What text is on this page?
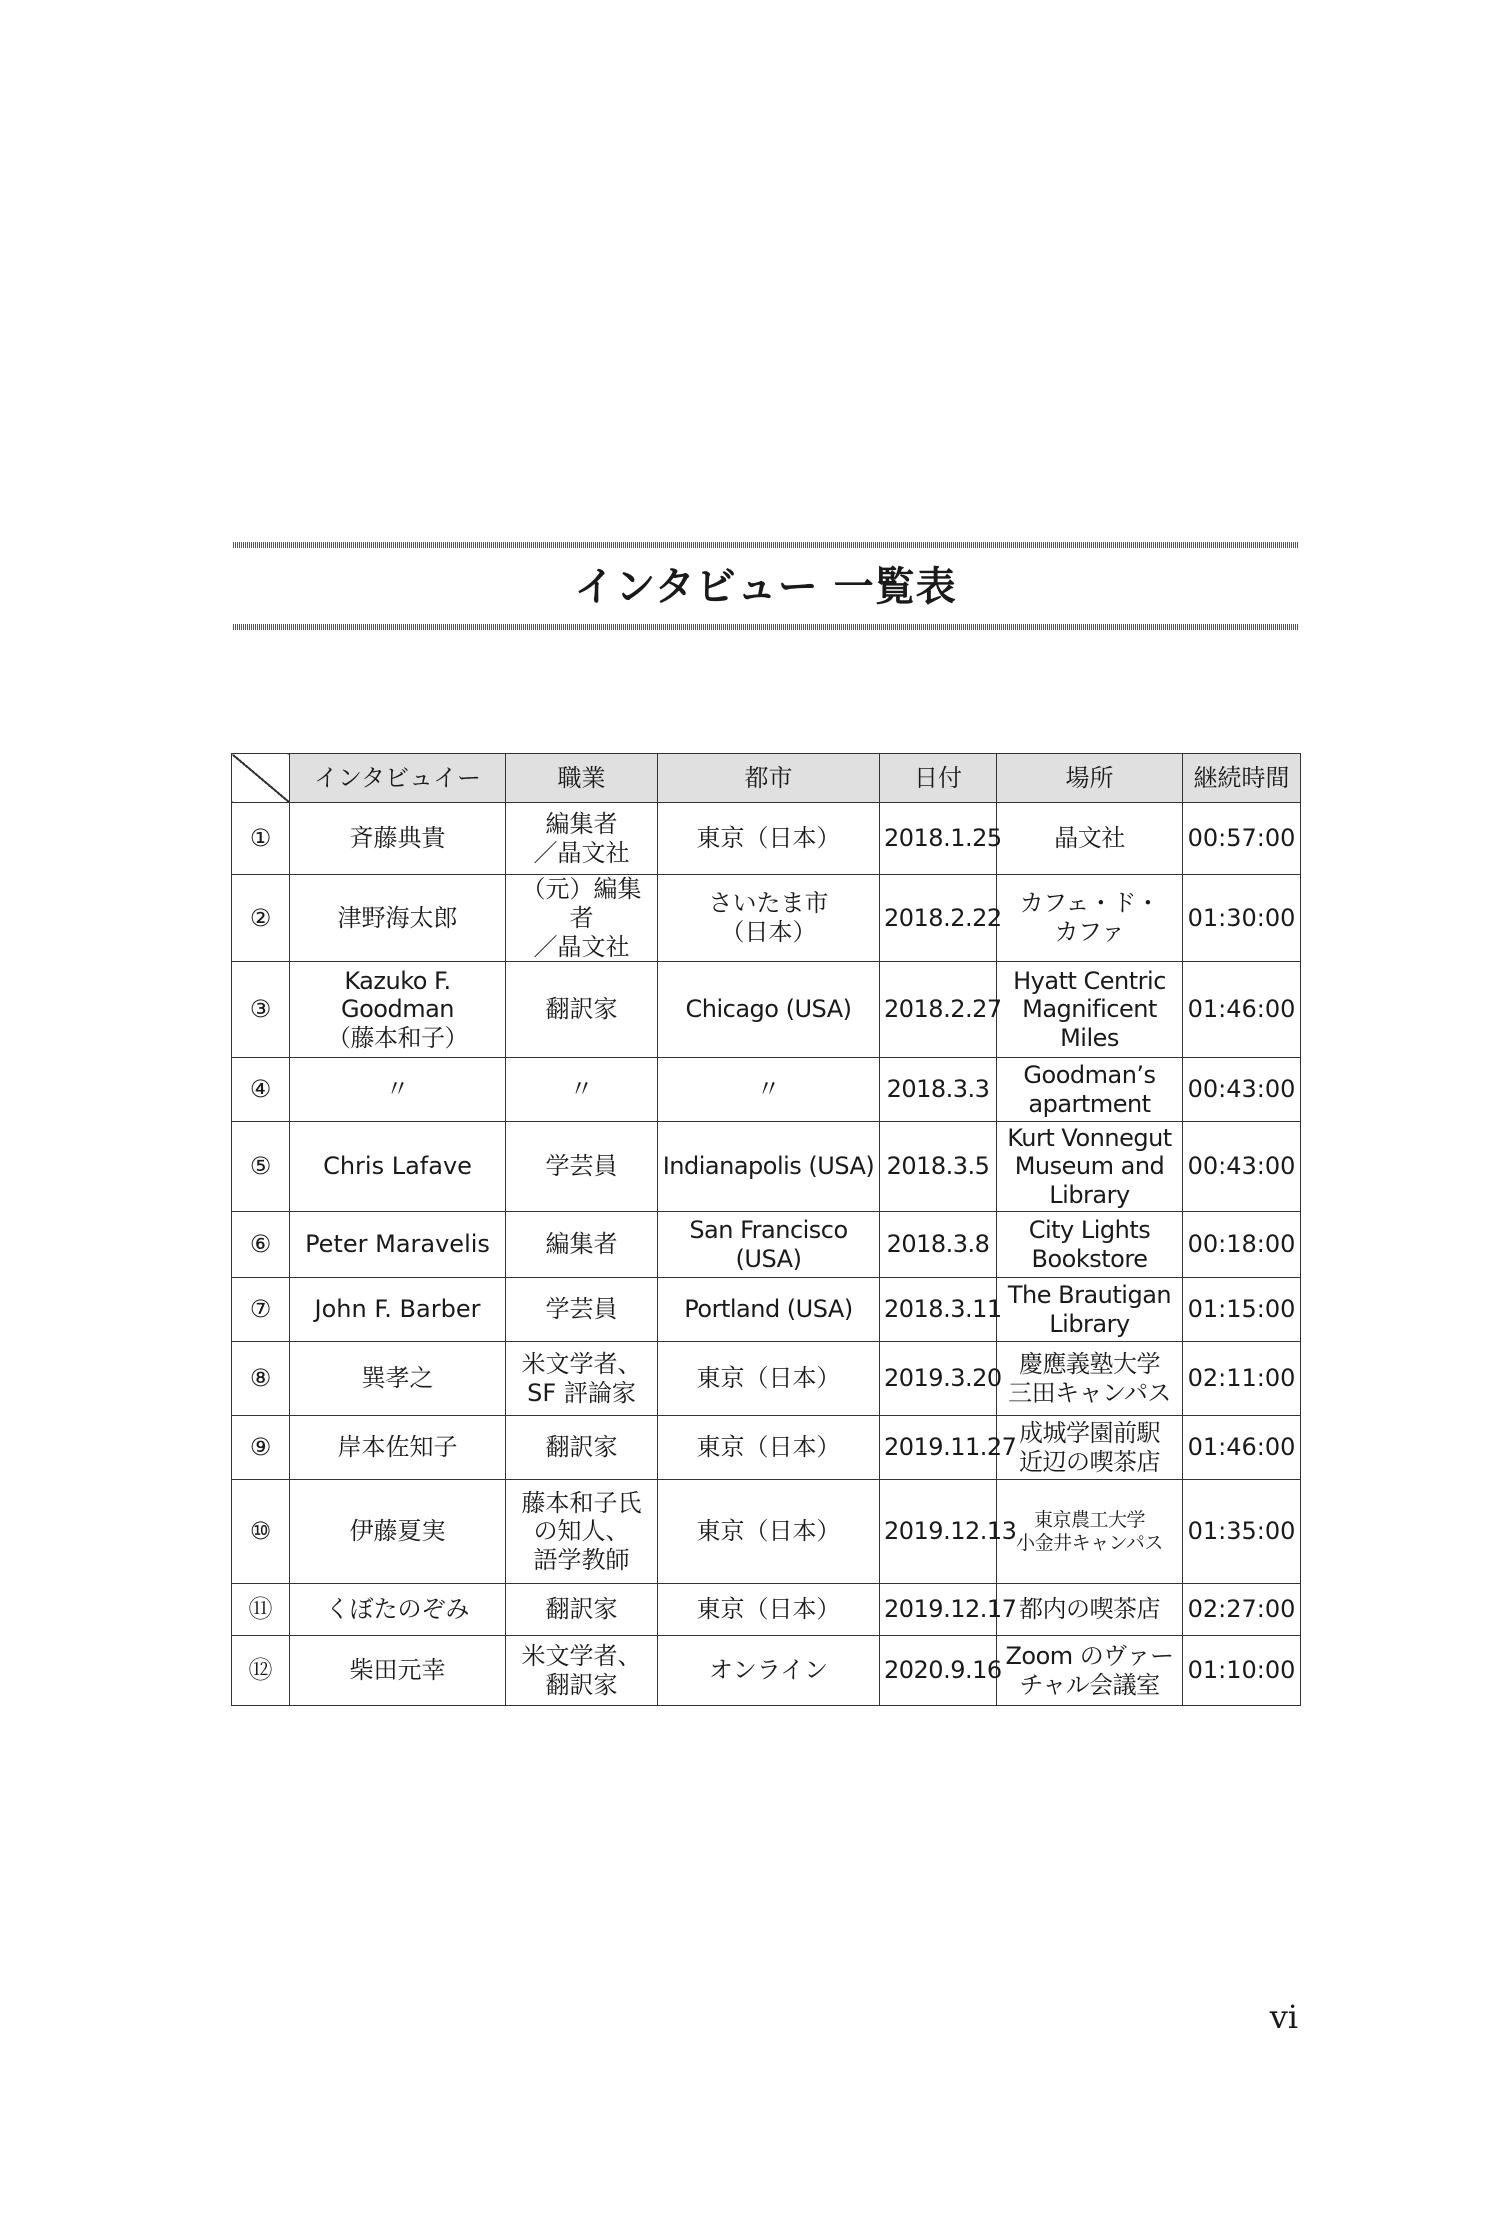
インタビュー 一覧表
	インタビュイー	職業	都市	日付	場所	継続時間
①	斉藤典貴	編集者
／晶文社	東京（日本）	2018.1.25	晶文社	00:57:00
②	津野海太郎	（元）編集者
／晶文社	さいたま市
（日本）	2018.2.22	カフェ・ド・
カファ	01:30:00
③	Kazuko F. Goodman
（藤本和子）	翻訳家	Chicago (USA)	2018.2.27	Hyatt Centric
Magnificent
Miles	01:46:00
④	〃	〃	〃	2018.3.3	Goodman’s
apartment	00:43:00
⑤	Chris Lafave	学芸員	Indianapolis (USA)	2018.3.5	Kurt Vonnegut
Museum and
Library	00:43:00
⑥	Peter Maravelis	編集者	San Francisco (USA)	2018.3.8	City Lights
Bookstore	00:18:00
⑦	John F. Barber	学芸員	Portland (USA)	2018.3.11	The Brautigan
Library	01:15:00
⑧	巽孝之	米文学者、
SF 評論家	東京（日本）	2019.3.20	慶應義塾大学
三田キャンパス	02:11:00
⑨	岸本佐知子	翻訳家	東京（日本）	2019.11.27	成城学園前駅
近辺の喫茶店	01:46:00
⑩	伊藤夏実	藤本和子氏
の知人、
語学教師	東京（日本）	2019.12.13	東京農工大学
小金井キャンパス	01:35:00
⑪	くぼたのぞみ	翻訳家	東京（日本）	2019.12.17	都内の喫茶店	02:27:00
⑫	柴田元幸	米文学者、
翻訳家	オンライン	2020.9.16	Zoom のヴァー
チャル会議室	01:10:00
vi
